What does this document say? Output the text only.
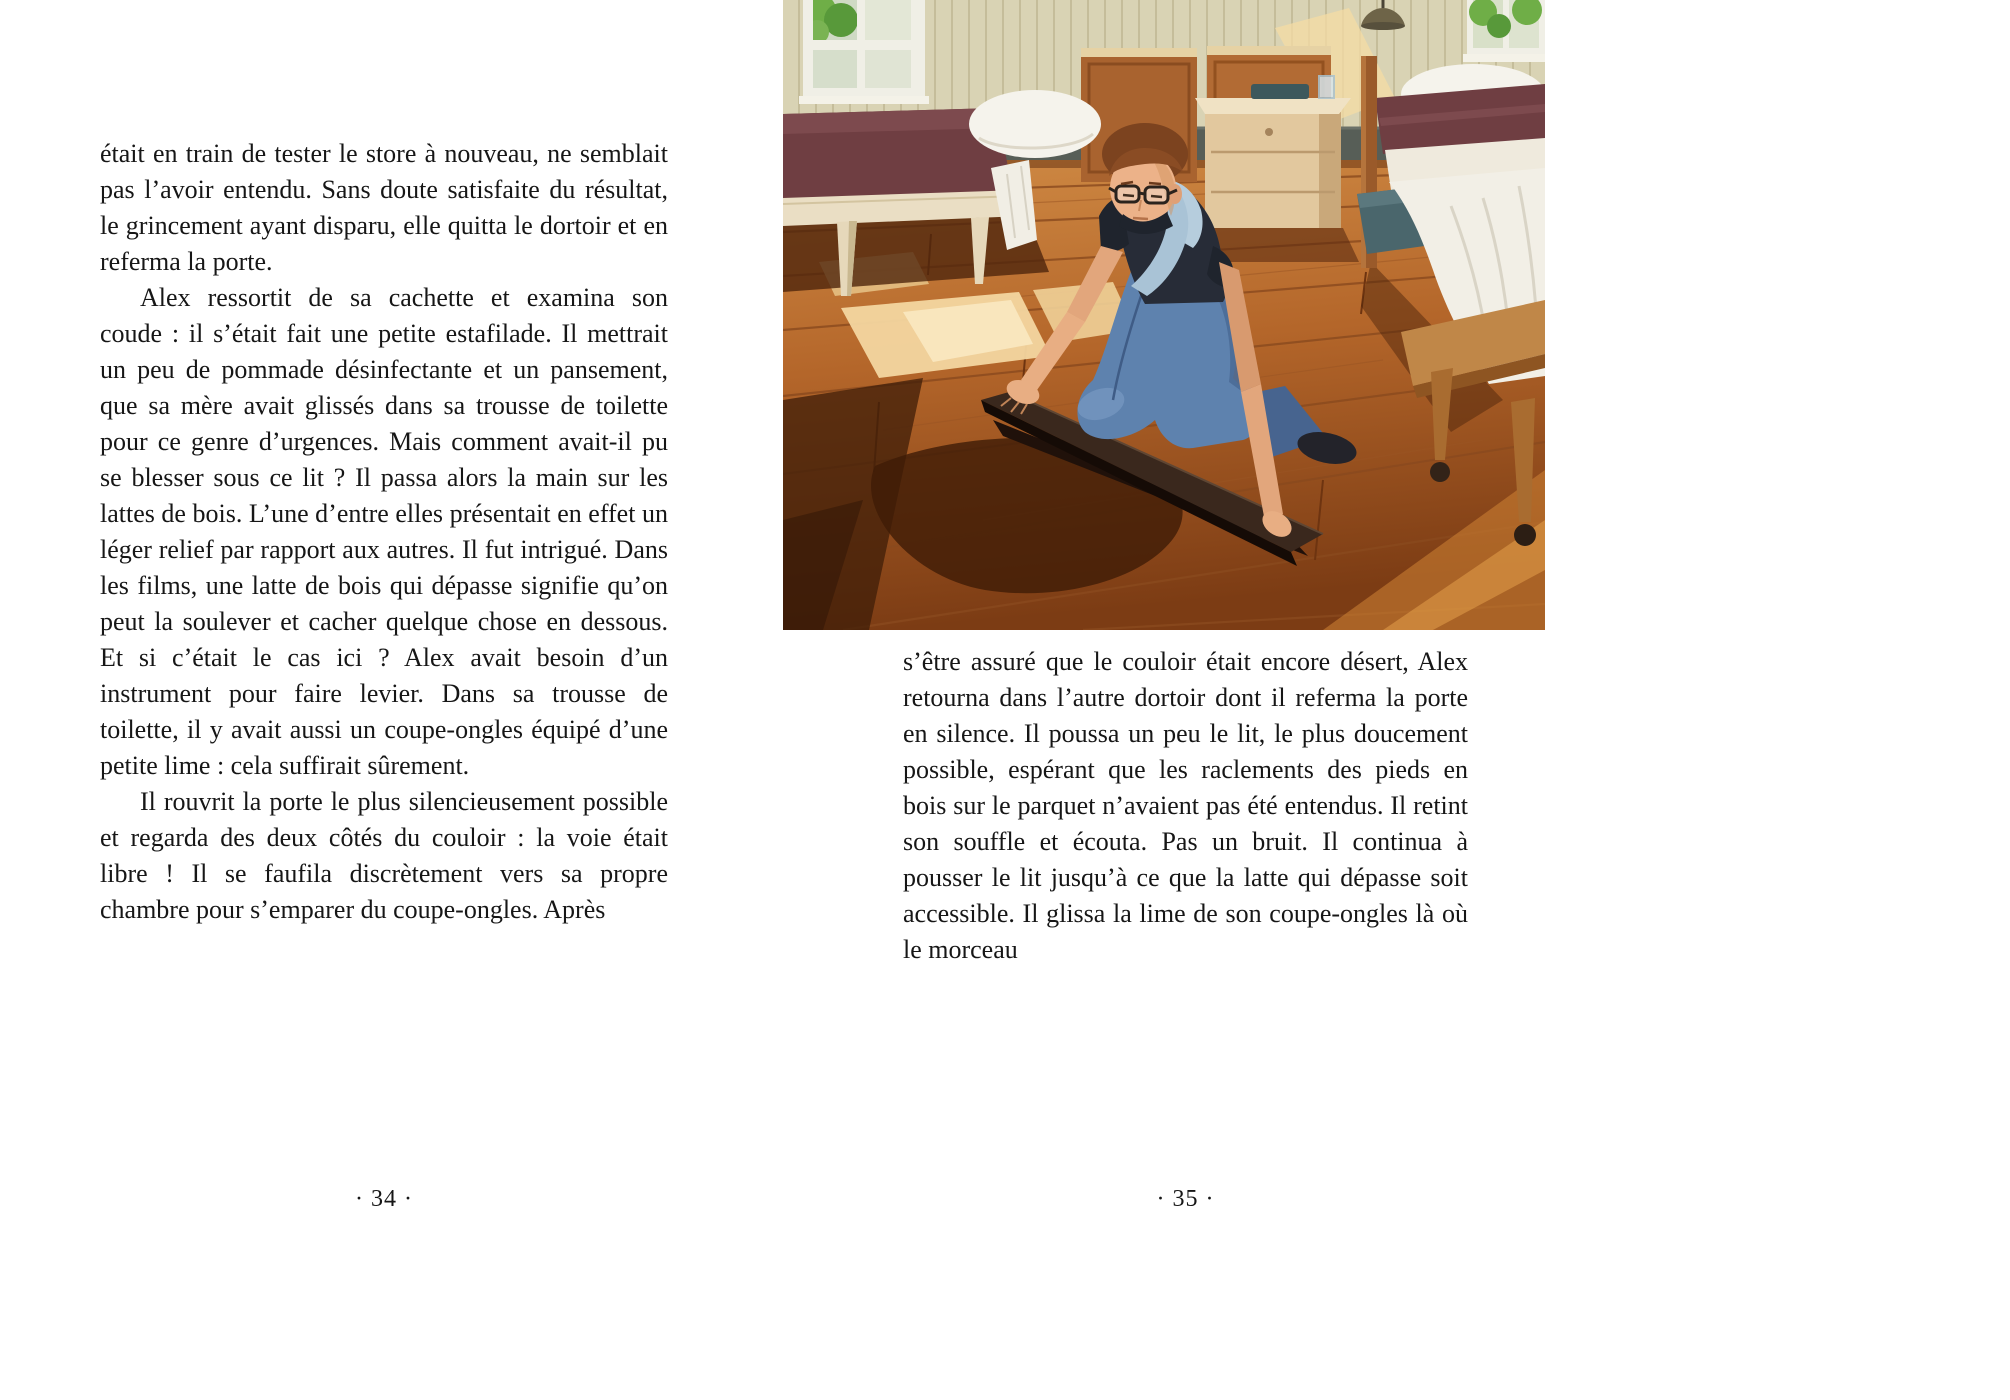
était en train de tester le store à nouveau, ne semblait pas l’avoir entendu. Sans doute satisfaite du résultat, le grincement ayant disparu, elle quitta le dortoir et en referma la porte.

Alex ressortit de sa cachette et examina son coude : il s’était fait une petite estafilade. Il mettrait un peu de pommade désinfectante et un pansement, que sa mère avait glissés dans sa trousse de toilette pour ce genre d’urgences. Mais comment avait-il pu se blesser sous ce lit ? Il passa alors la main sur les lattes de bois. L’une d’entre elles présentait en effet un léger relief par rapport aux autres. Il fut intrigué. Dans les films, une latte de bois qui dépasse signifie qu’on peut la soulever et cacher quelque chose en dessous. Et si c’était le cas ici ? Alex avait besoin d’un instrument pour faire levier. Dans sa trousse de toilette, il y avait aussi un coupe-ongles équipé d’une petite lime : cela suffirait sûrement.

Il rouvrit la porte le plus silencieusement possible et regarda des deux côtés du couloir : la voie était libre ! Il se faufila discrètement vers sa propre chambre pour s’emparer du coupe-ongles. Après

· 34 ·

s’être assuré que le couloir était encore désert, Alex retourna dans l’autre dortoir dont il referma la porte en silence. Il poussa un peu le lit, le plus doucement possible, espérant que les raclements des pieds en bois sur le parquet n’avaient pas été entendus. Il retint son souffle et écouta. Pas un bruit. Il continua à pousser le lit jusqu’à ce que la latte qui dépasse soit accessible. Il glissa la lime de son coupe-ongles là où le morceau

· 35 ·
